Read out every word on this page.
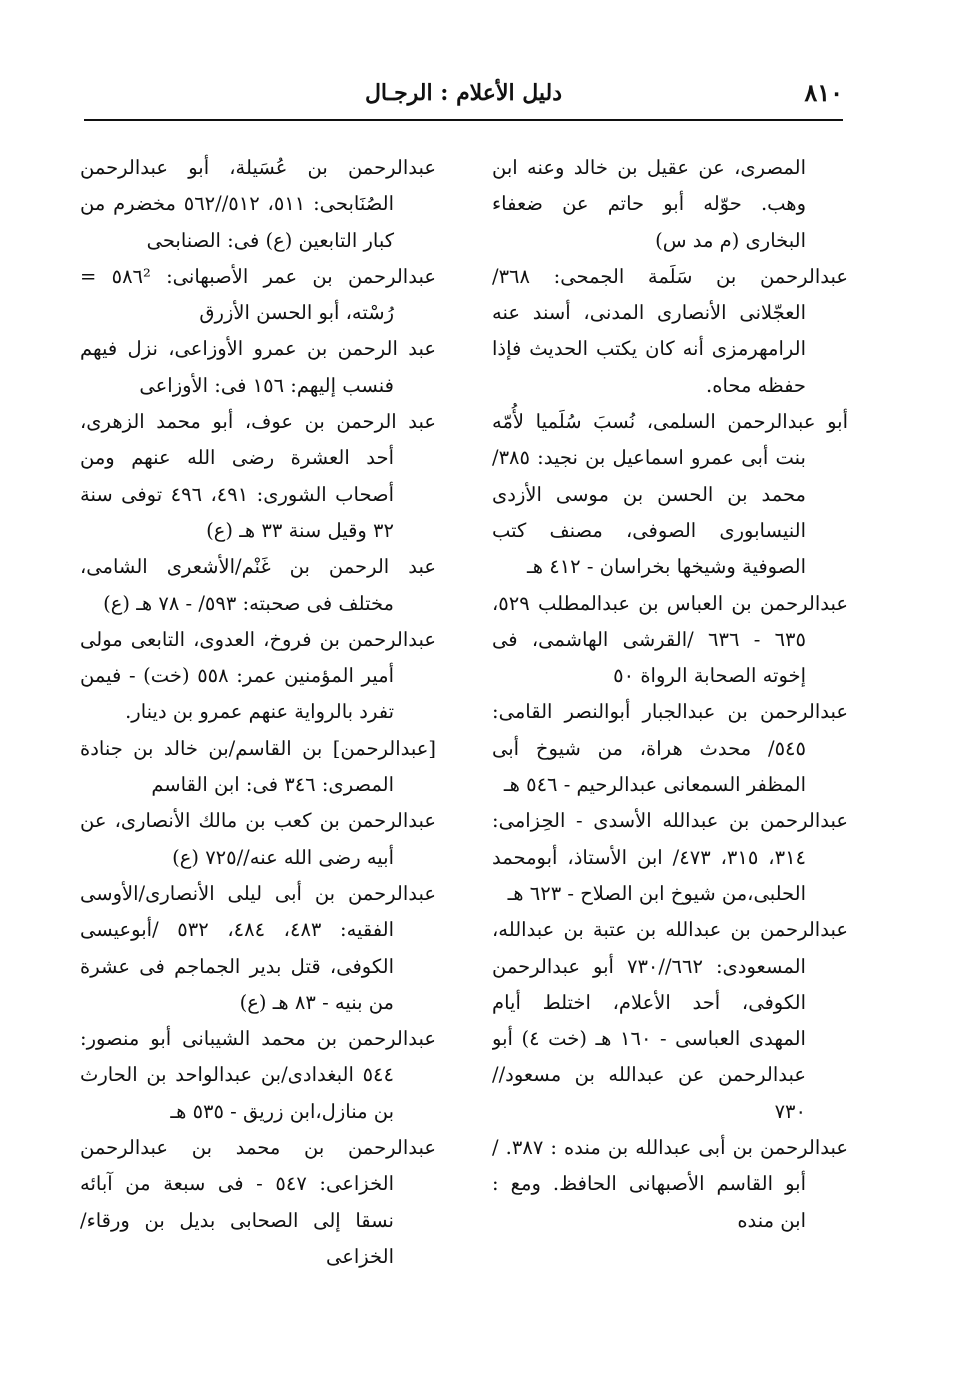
٨١٠
دليل الأعلام : الرجـال

المصرى، عن عقيل بن خالد وعنه ابن وهب. حوّله أبو حاتم عن ضعفاء البخارى (م مد س)

عبدالرحمن بن سَلَمة الجمحى: ٣٦٨/ العجّلانى الأنصارى المدنى، أسند عنه الرامهرمزى أنه كان يكتب الحديث فإذا حفظه محاه.

أبو عبدالرحمن السلمى، نُسبَ سُلَميا لأُمّه بنت أبى عمرو اسماعيل بن نجيد: ٣٨٥/ محمد بن الحسن بن موسى الأزدى النيسابورى الصوفى، مصنف كتب الصوفية وشيخها بخراسان - ٤١٢ هـ

عبدالرحمن بن العباس بن عبدالمطلب ٥٢٩، ٦٣٥ - ٦٣٦ /القرشى الهاشمى، فى إخوته الصحابة الرواة ٥٠

عبدالرحمن بن عبدالجبار أبوالنصر القامى: ٥٤٥/ محدث هراة، من شيوخ أبى المظفر السمعانى عبدالرحيم - ٥٤٦ هـ

عبدالرحمن بن عبدالله الأسدى - الحِزامى: ٣١٤، ٣١٥، ٤٧٣/ ابن الأستاذ، أبومحمد الحلبى،من شيوخ ابن الصلاح - ٦٢٣ هـ

عبدالرحمن بن عبدالله بن عتبة بن عبدالله، المسعودى: ٦٦٢//٧٣٠ أبو عبدالرحمن الكوفى، أحد الأعلام، اختلط أيام المهدى العباسى - ١٦٠ هـ (خت ٤) أبو عبدالرحمن عن عبدالله بن مسعود//٧٣٠

عبدالرحمن بن أبى عبدالله بن منده : ٣٨٧. /أبو القاسم الأصبهانى الحافظ. ومع : ابن منده

عبدالرحمن بن عُسَيلة، أبو عبدالرحمن الصُنَابحى: ٥١١، ٥١٢//٥٦٢ مخضرم من كبار التابعين (ع) فى: الصنابحى

عبدالرحمن بن عمر الأصبهانى: ٥٨٦² = رُسْته، أبو الحسن الأزرق

عبد الرحمن بن عمرو الأوزاعى، نزل فيهم فنسب إليهم: ١٥٦ فى: الأوزاعى

عبد الرحمن بن عوف، أبو محمد الزهرى، أحد العشرة رضى الله عنهم ومن أصحاب الشورى: ٤٩١، ٤٩٦ توفى سنة ٣٢ وقيل سنة ٣٣ هـ (ع)

عبد الرحمن بن غَنْم/الأشعرى الشامى، مختلف فى صحبته: ٥٩٣/ - ٧٨ هـ (ع)

عبدالرحمن بن فروخ، العدوى، التابعى مولى أمير المؤمنين عمر: ٥٥٨ (خت) - فيمن تفرد بالرواية عنهم عمرو بن دينار.

[عبدالرحمن] بن القاسم/بن خالد بن جنادة المصرى: ٣٤٦ فى: ابن القاسم

عبدالرحمن بن كعب بن مالك الأنصارى، عن أبيه رضى الله عنه//٧٢٥ (ع)

عبدالرحمن بن أبى ليلى الأنصارى/الأوسى الفقيه: ٤٨٣، ٤٨٤، ٥٣٢ /أبوعيسى الكوفى، قتل بدير الجماجم فى عشرة من بنيه - ٨٣ هـ (ع)

عبدالرحمن بن محمد الشيبانى أبو منصور: ٥٤٤ البغدادى/بن عبدالواحد بن الحارث بن منازل،ابن زريق - ٥٣٥ هـ

عبدالرحمن بن محمد بن عبدالرحمن الخزاعى: ٥٤٧ - فى سبعة من آبائه نسقا إلى الصحابى بديل بن ورقاء/الخزاعى
